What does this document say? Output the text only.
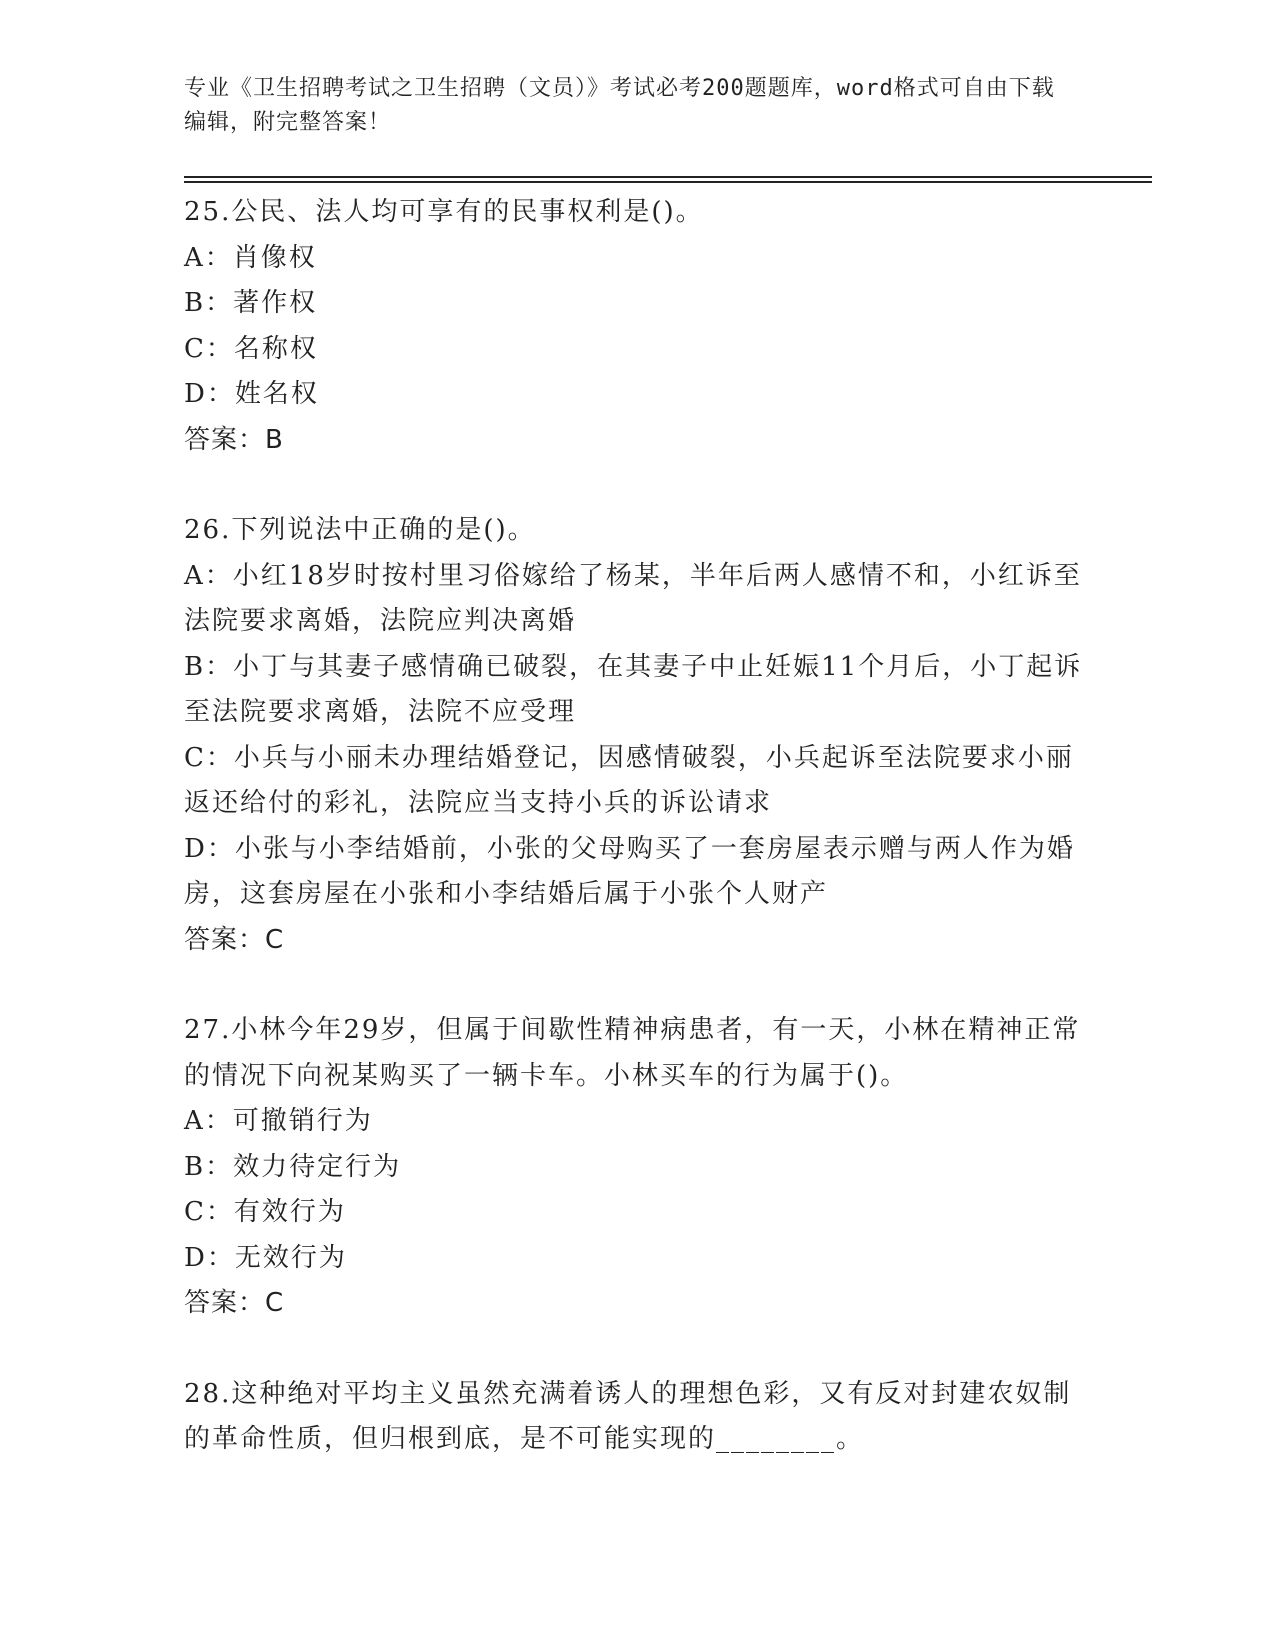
专业《卫生招聘考试之卫生招聘（文员）》考试必考200题题库，word格式可自由下载编辑，附完整答案！
25.公民、法人均可享有的民事权利是()。
A：肖像权
B：著作权
C：名称权
D：姓名权
答案：B
26.下列说法中正确的是()。
A：小红18岁时按村里习俗嫁给了杨某，半年后两人感情不和，小红诉至法院要求离婚，法院应判决离婚
B：小丁与其妻子感情确已破裂，在其妻子中止妊娠11个月后，小丁起诉至法院要求离婚，法院不应受理
C：小兵与小丽未办理结婚登记，因感情破裂，小兵起诉至法院要求小丽返还给付的彩礼，法院应当支持小兵的诉讼请求
D：小张与小李结婚前，小张的父母购买了一套房屋表示赠与两人作为婚房，这套房屋在小张和小李结婚后属于小张个人财产
答案：C
27.小林今年29岁，但属于间歇性精神病患者，有一天，小林在精神正常的情况下向祝某购买了一辆卡车。小林买车的行为属于()。
A：可撤销行为
B：效力待定行为
C：有效行为
D：无效行为
答案：C
28.这种绝对平均主义虽然充满着诱人的理想色彩，又有反对封建农奴制的革命性质，但归根到底，是不可能实现的________。
